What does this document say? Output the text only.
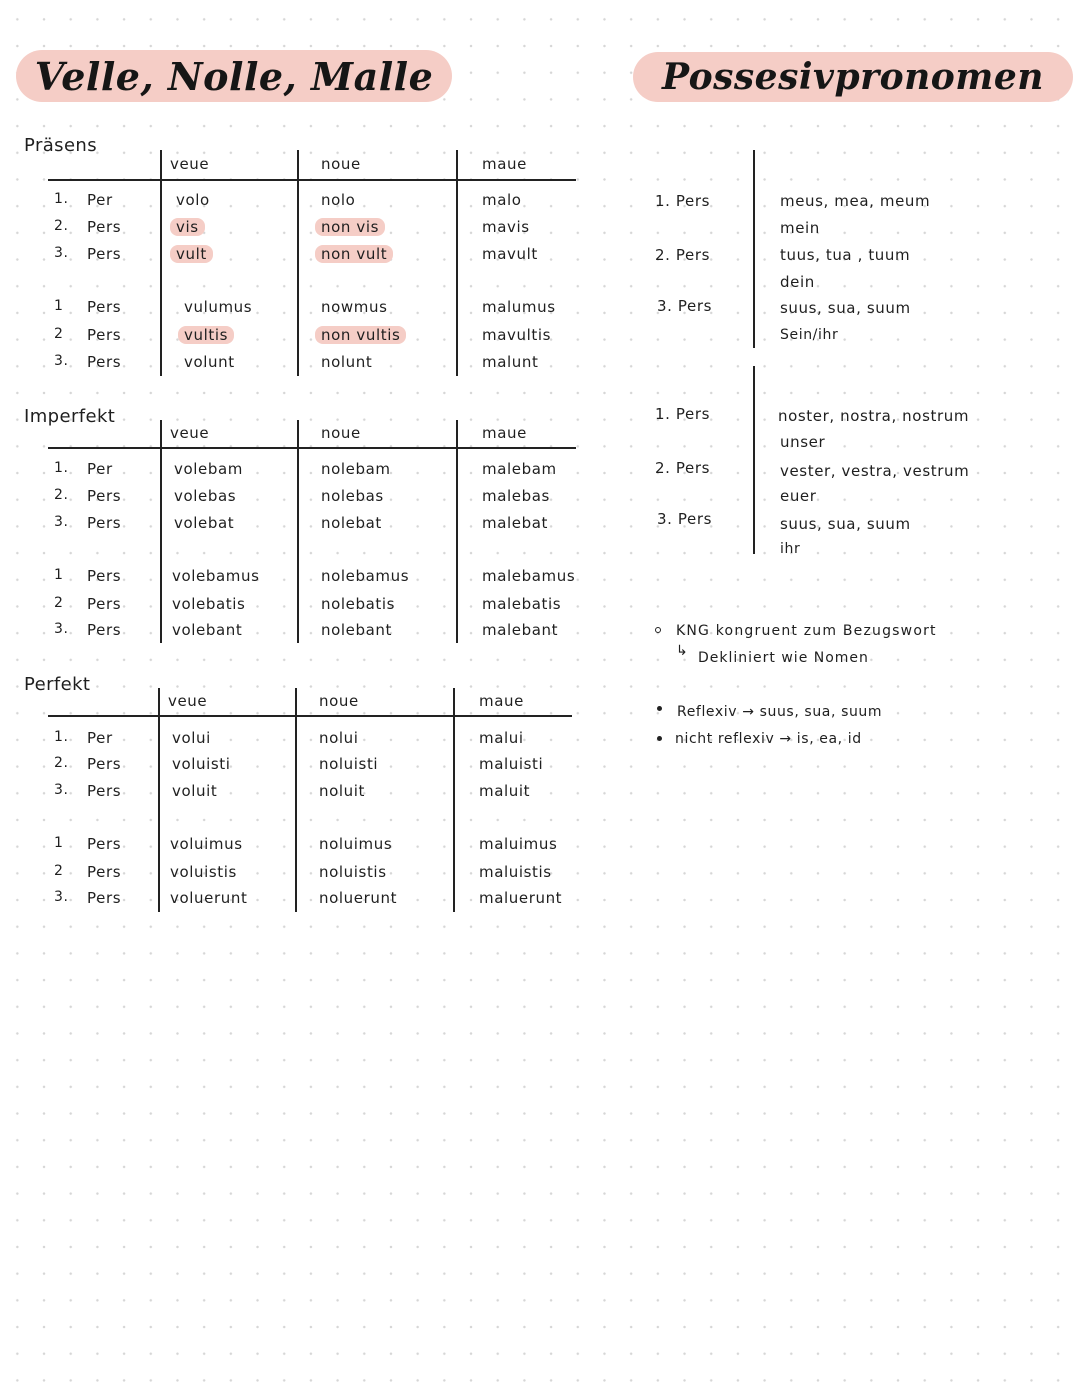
Velle, Nolle, Malle	Possesivpronomen
Präsens
Imperfekt
Perfekt
veue	noue	maue
1. Per	volo	nolo	malo
2. Pers	vis	non vis	mavis
3. Pers	vult	non vult	mavult
1 Pers	vulumus	nowmus	malumus
2 Pers	vultis	non vultis	mavultis
3. Pers	volunt	nolunt	malunt
veue	noue	maue
1. Per	volebam	nolebam	malebam
2. Pers	volebas	nolebas	malebas
3. Pers	volebat	nolebat	malebat
1 Pers	volebamus	nolebamus	malebamus
2 Pers	volebatis	nolebatis	malebatis
3. Pers	volebant	nolebant	malebant
veue	noue	maue
1. Per	volui	nolui	malui
2. Pers	voluisti	noluisti	maluisti
3. Pers	voluit	noluit	maluit
1 Pers	voluimus	noluimus	maluimus
2 Pers	voluistis	noluistis	maluistis
3. Pers	voluerunt	noluerunt	maluerunt
1. Pers	meus, mea, meum
mein
2. Pers	tuus, tua , tuum
dein
3. Pers	suus, sua, suum
Sein/ihr
1. Pers	noster, nostra, nostrum
unser
2. Pers	vester, vestra, vestrum
euer
3. Pers	suus, sua, suum
ihr
KNG kongruent zum Bezugswort
↳ Dekliniert wie Nomen
Reflexiv → suus, sua, suum
nicht reflexiv → is, ea, id
